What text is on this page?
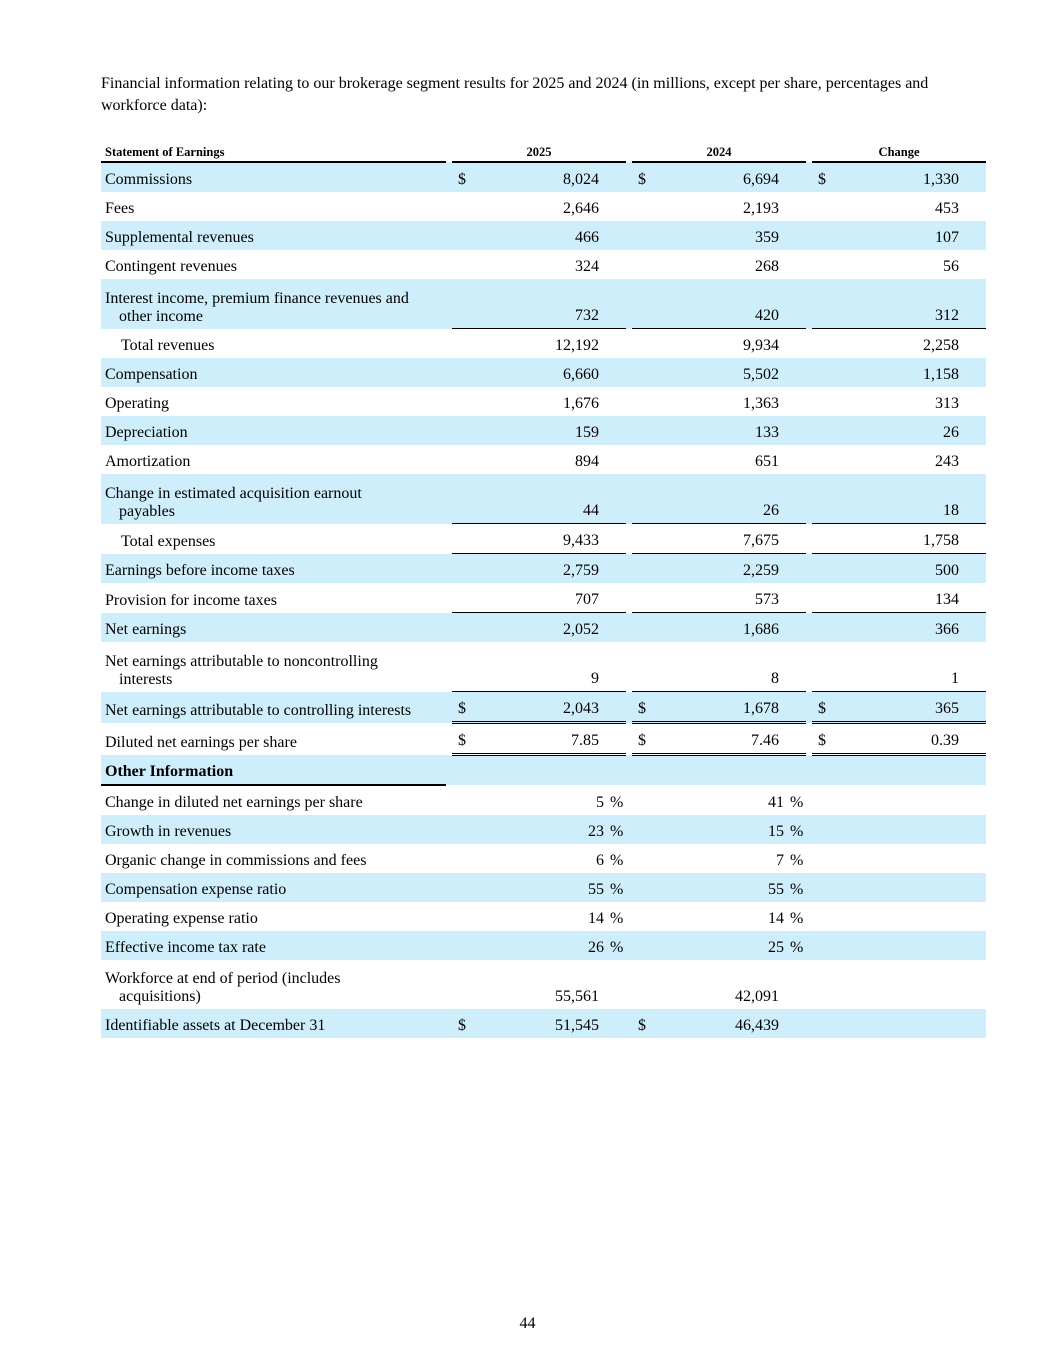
Financial information relating to our brokerage segment results for 2025 and 2024 (in millions, except per share, percentages and workforce data):
Statement of Earnings		2025				2024				Change		
Commissions		$	8,024			$	6,694			$	1,330	
Fees			2,646				2,193				453	
Supplemental revenues			466				359				107	
Contingent revenues			324				268				56	

Interest income, premium finance revenues and
other income			732				420				312	
Total revenues			12,192				9,934				2,258	
Compensation			6,660				5,502				1,158	
Operating			1,676				1,363				313	
Depreciation			159				133				26	
Amortization			894				651				243	

Change in estimated acquisition earnout
payables			44				26				18	
Total expenses			9,433				7,675				1,758	
Earnings before income taxes			2,759				2,259				500	
Provision for income taxes			707				573				134	
Net earnings			2,052				1,686				366	

Net earnings attributable to noncontrolling
interests			9				8				1	
Net earnings attributable to controlling interests		$	2,043			$	1,678			$	365	
Diluted net earnings per share		$	7.85			$	7.46			$	0.39	
Other Information												
Change in diluted net earnings per share			5	%			41	%				
Growth in revenues			23	%			15	%				
Organic change in commissions and fees			6	%			7	%				
Compensation expense ratio			55	%			55	%				
Operating expense ratio			14	%			14	%				
Effective income tax rate			26	%			25	%				

Workforce at end of period (includes
acquisitions)			55,561				42,091					
Identifiable assets at December 31		$	51,545			$	46,439					
44
